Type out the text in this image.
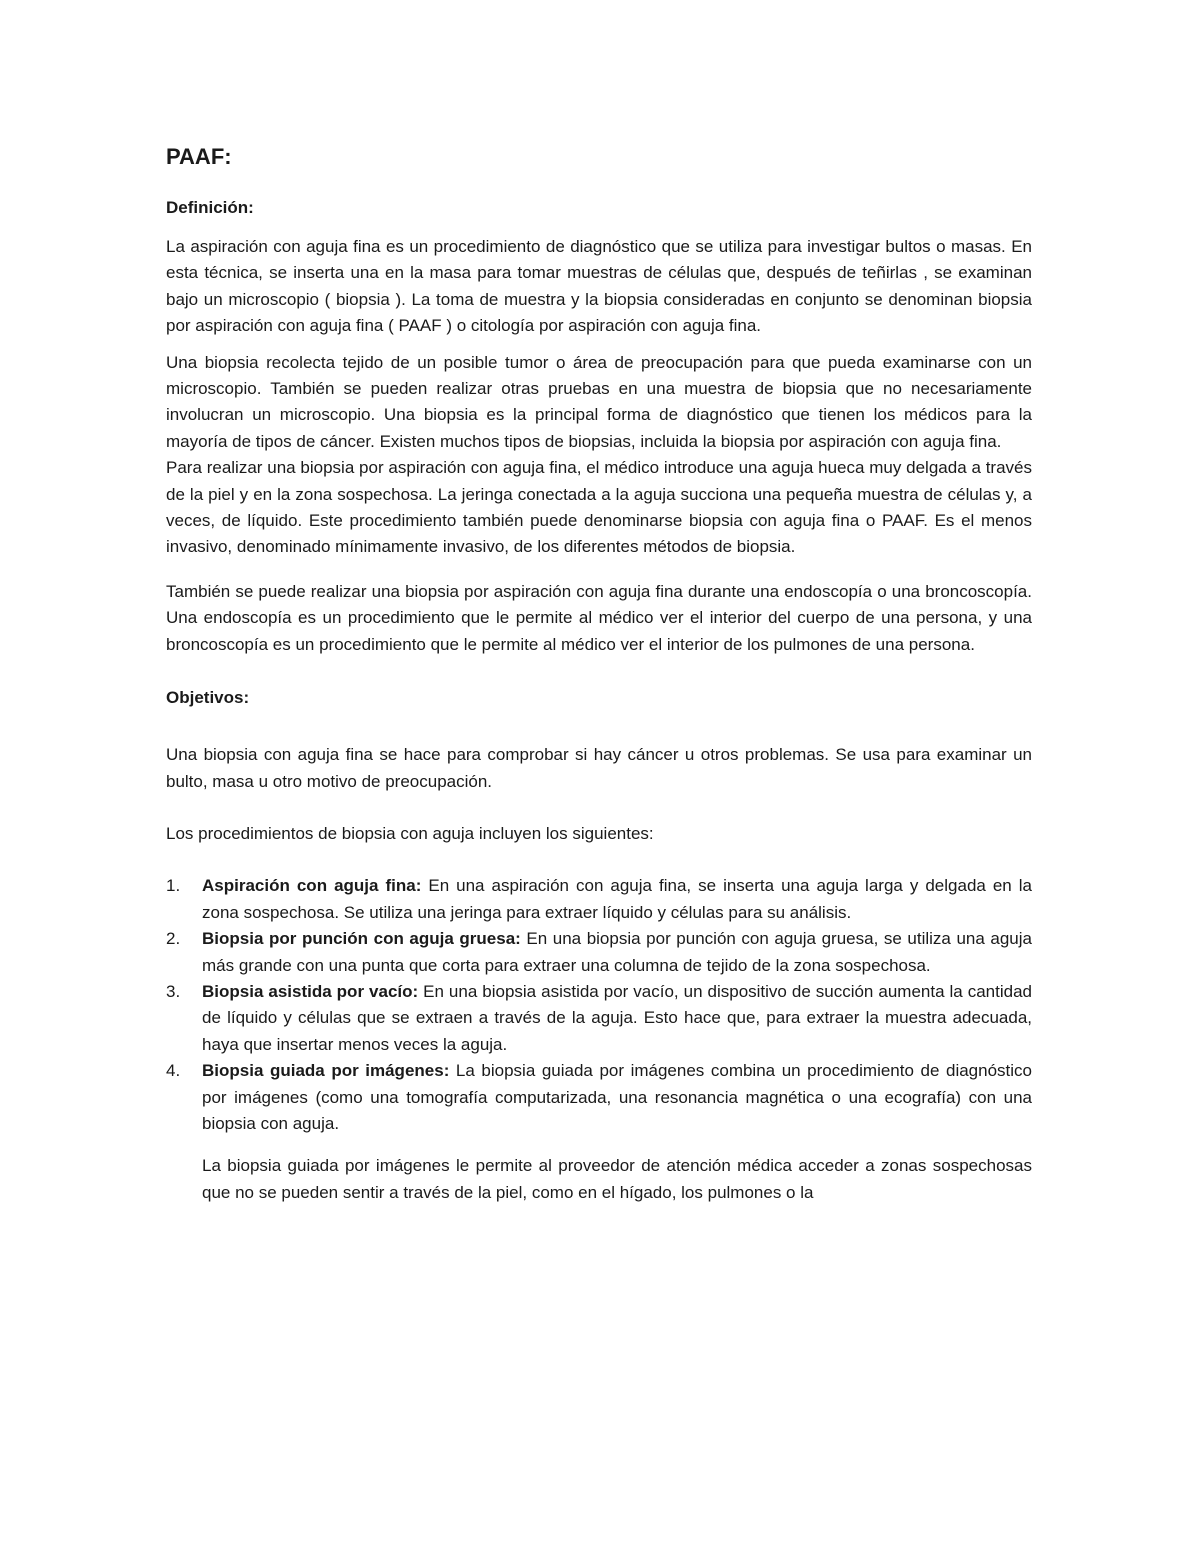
PAAF:
Definición:

La aspiración con aguja fina es un procedimiento de diagnóstico que se utiliza para investigar bultos o masas. En esta técnica, se inserta una en la masa para tomar muestras de células que, después de teñirlas , se examinan bajo un microscopio ( biopsia ). La toma de muestra y la biopsia consideradas en conjunto se denominan biopsia por aspiración con aguja fina ( PAAF ) o citología por aspiración con aguja fina.

Una biopsia recolecta tejido de un posible tumor o área de preocupación para que pueda examinarse con un microscopio. También se pueden realizar otras pruebas en una muestra de biopsia que no necesariamente involucran un microscopio. Una biopsia es la principal forma de diagnóstico que tienen los médicos para la mayoría de tipos de cáncer. Existen muchos tipos de biopsias, incluida la biopsia por aspiración con aguja fina.

Para realizar una biopsia por aspiración con aguja fina, el médico introduce una aguja hueca muy delgada a través de la piel y en la zona sospechosa. La jeringa conectada a la aguja succiona una pequeña muestra de células y, a veces, de líquido. Este procedimiento también puede denominarse biopsia con aguja fina o PAAF. Es el menos invasivo, denominado mínimamente invasivo, de los diferentes métodos de biopsia.

También se puede realizar una biopsia por aspiración con aguja fina durante una endoscopía o una broncoscopía. Una endoscopía es un procedimiento que le permite al médico ver el interior del cuerpo de una persona, y una broncoscopía es un procedimiento que le permite al médico ver el interior de los pulmones de una persona.

Objetivos:

Una biopsia con aguja fina se hace para comprobar si hay cáncer u otros problemas. Se usa para examinar un bulto, masa u otro motivo de preocupación.

Los procedimientos de biopsia con aguja incluyen los siguientes:

1. Aspiración con aguja fina: En una aspiración con aguja fina, se inserta una aguja larga y delgada en la zona sospechosa. Se utiliza una jeringa para extraer líquido y células para su análisis.
2. Biopsia por punción con aguja gruesa: En una biopsia por punción con aguja gruesa, se utiliza una aguja más grande con una punta que corta para extraer una columna de tejido de la zona sospechosa.
3. Biopsia asistida por vacío: En una biopsia asistida por vacío, un dispositivo de succión aumenta la cantidad de líquido y células que se extraen a través de la aguja. Esto hace que, para extraer la muestra adecuada, haya que insertar menos veces la aguja.
4. Biopsia guiada por imágenes: La biopsia guiada por imágenes combina un procedimiento de diagnóstico por imágenes (como una tomografía computarizada, una resonancia magnética o una ecografía) con una biopsia con aguja.

La biopsia guiada por imágenes le permite al proveedor de atención médica acceder a zonas sospechosas que no se pueden sentir a través de la piel, como en el hígado, los pulmones o la
